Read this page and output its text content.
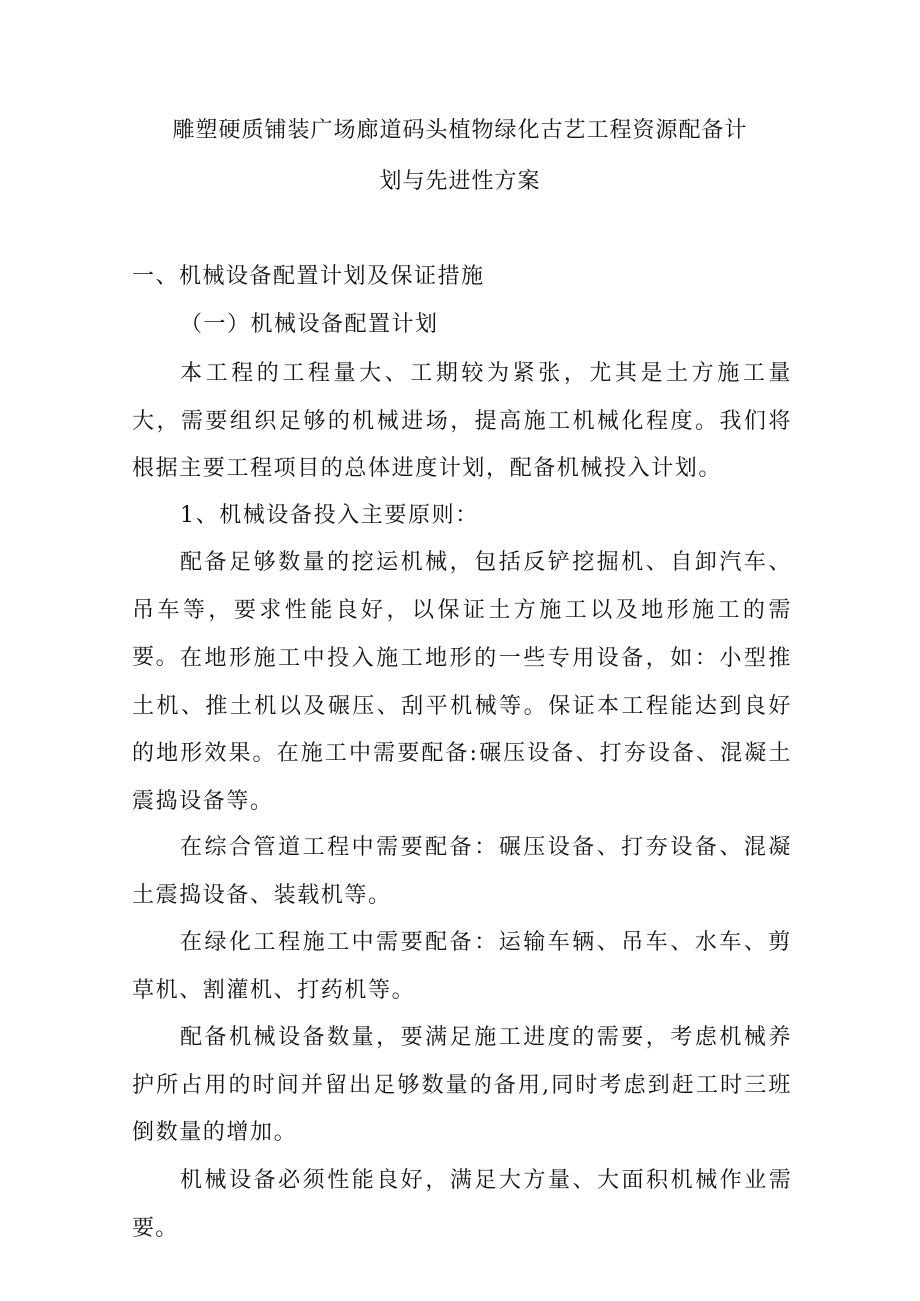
雕塑硬质铺装广场廊道码头植物绿化古艺工程资源配备计
划与先进性方案
一、机械设备配置计划及保证措施
（一）机械设备配置计划

本工程的工程量大、工期较为紧张，尤其是土方施工量大，需要组织足够的机械进场，提高施工机械化程度。我们将根据主要工程项目的总体进度计划，配备机械投入计划。

1、机械设备投入主要原则：

配备足够数量的挖运机械，包括反铲挖掘机、自卸汽车、吊车等，要求性能良好，以保证土方施工以及地形施工的需要。 在地形施工中投入施工地形的一些专用设备，如：小型推土机、推土机以及碾压、刮平机械等。保证本工程能达到良好的地形效果。在施工中需要配备:碾压设备、打夯设备、混凝土震捣设备等。

在综合管道工程中需要配备：碾压设备、打夯设备、混凝土震捣设备、装载机等。

在绿化工程施工中需要配备：运输车辆、吊车、水车、剪草机、割灌机、打药机等。

配备机械设备数量，要满足施工进度的需要，考虑机械养护所占用的时间并留出足够数量的备用,同时考虑到赶工时三班倒数量的增加。

机械设备必须性能良好，满足大方量、大面积机械作业需要。
